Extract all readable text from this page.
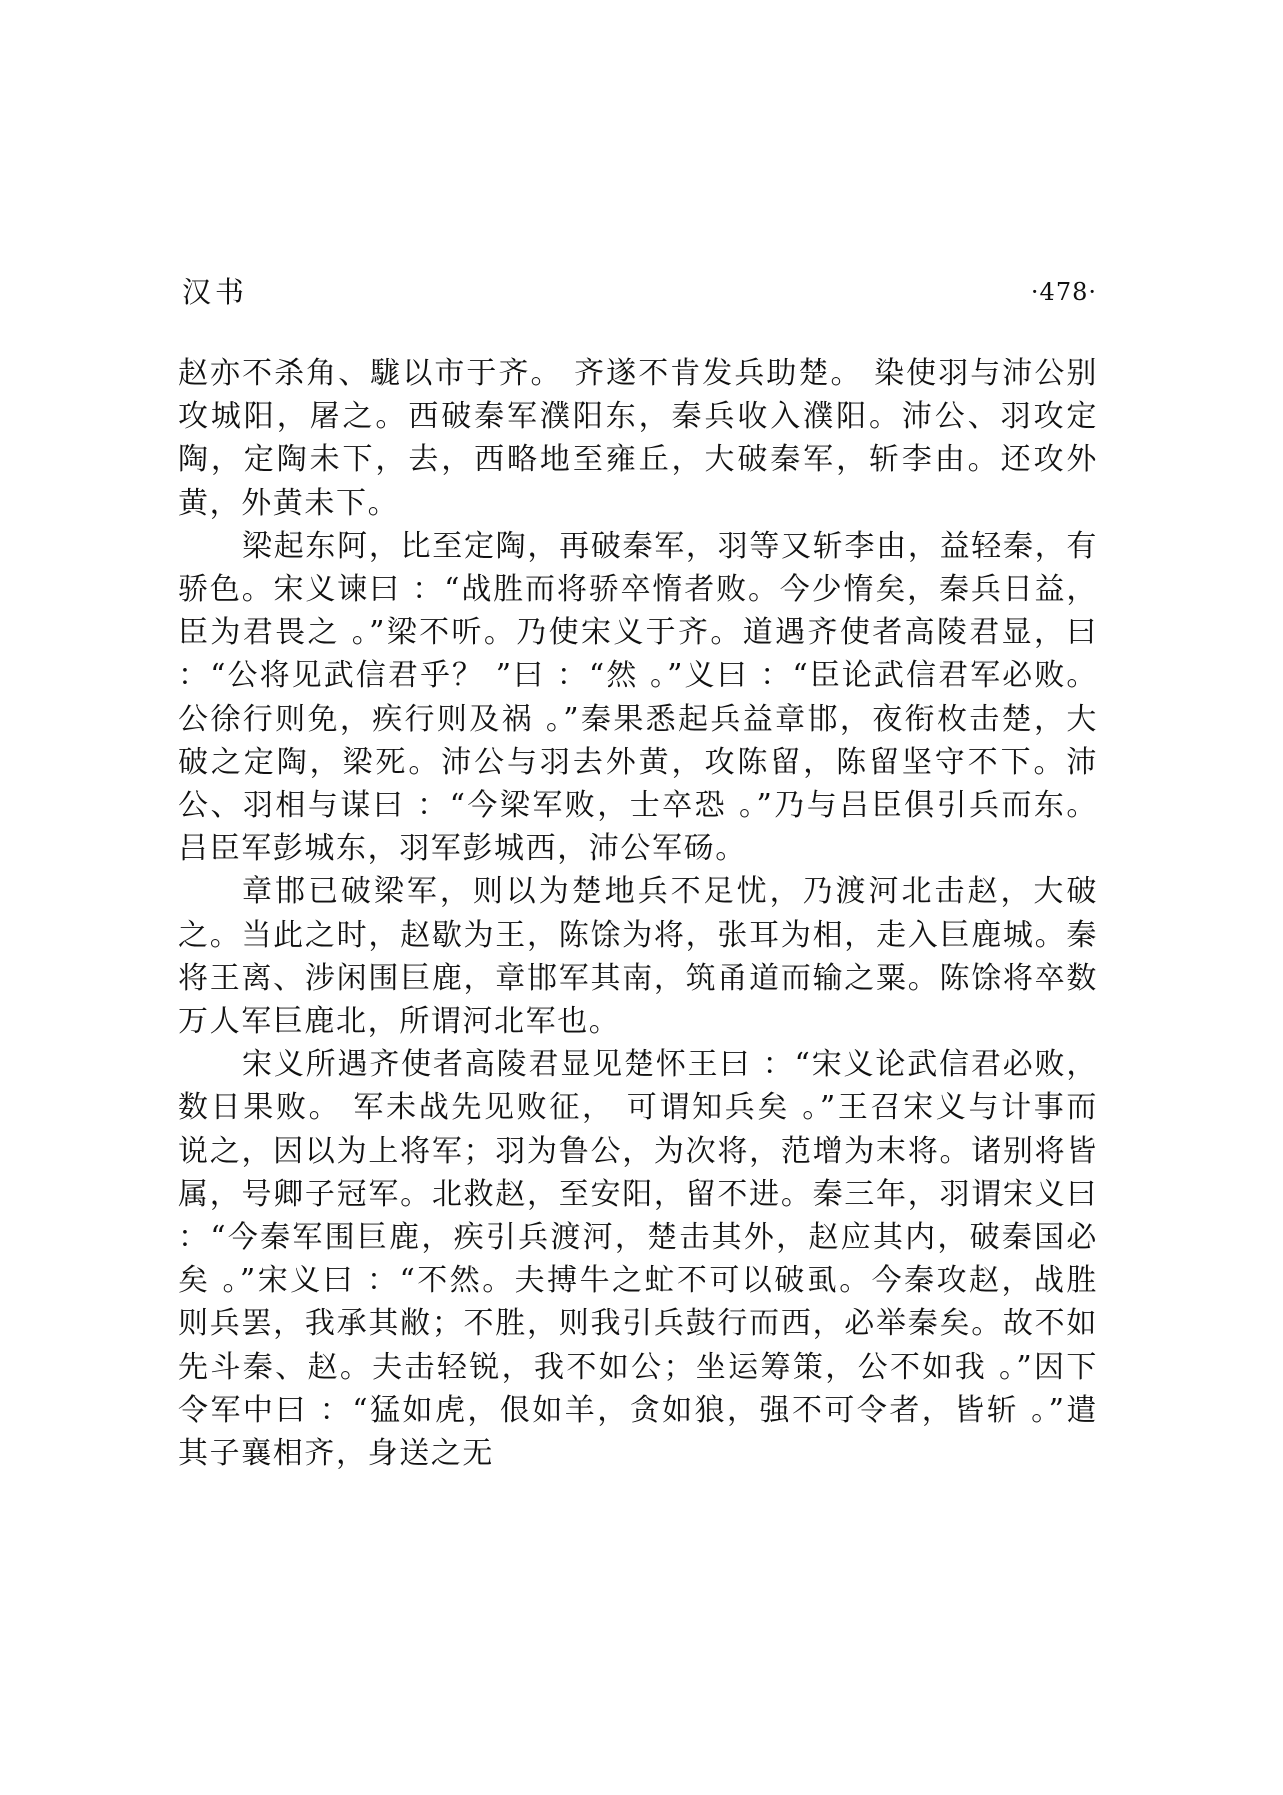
汉书	·478·

赵亦不杀角、駹以市于齐。 齐遂不肯发兵助楚。 染使羽与沛公别攻城阳，屠之。西破秦军濮阳东，秦兵收入濮阳。沛公、羽攻定陶，定陶未下，去，西略地至雍丘，大破秦军，斩李由。还攻外黄，外黄未下。

梁起东阿，比至定陶，再破秦军，羽等又斩李由，益轻秦，有骄色。宋义谏曰 ：“战胜而将骄卒惰者败。今少惰矣，秦兵日益，臣为君畏之 。”梁不听。乃使宋义于齐。道遇齐使者高陵君显，曰 ：“公将见武信君乎？ ”曰 ：“然 。”义曰 ：“臣论武信君军必败。公徐行则免，疾行则及祸 。”秦果悉起兵益章邯，夜衔枚击楚，大破之定陶，梁死。沛公与羽去外黄，攻陈留，陈留坚守不下。沛公、羽相与谋曰 ：“今梁军败，士卒恐 。”乃与吕臣俱引兵而东。吕臣军彭城东，羽军彭城西，沛公军砀。

章邯已破梁军，则以为楚地兵不足忧，乃渡河北击赵，大破之。当此之时，赵歇为王，陈馀为将，张耳为相，走入巨鹿城。秦将王离、涉闲围巨鹿，章邯军其南，筑甬道而输之粟。陈馀将卒数万人军巨鹿北，所谓河北军也。

宋义所遇齐使者高陵君显见楚怀王曰 ：“宋义论武信君必败，数日果败。 军未战先见败征， 可谓知兵矣 。”王召宋义与计事而说之，因以为上将军；羽为鲁公，为次将，范增为末将。诸别将皆属，号卿子冠军。北救赵，至安阳，留不进。秦三年，羽谓宋义曰 ：“今秦军围巨鹿，疾引兵渡河，楚击其外，赵应其内，破秦国必矣 。”宋义曰 ：“不然。夫搏牛之虻不可以破虱。今秦攻赵，战胜则兵罢，我承其敝；不胜，则我引兵鼓行而西，必举秦矣。故不如先斗秦、赵。夫击轻锐，我不如公；坐运筹策，公不如我 。”因下令军中曰 ：“猛如虎，佷如羊，贪如狼，强不可令者，皆斩 。”遣其子襄相齐，身送之无
